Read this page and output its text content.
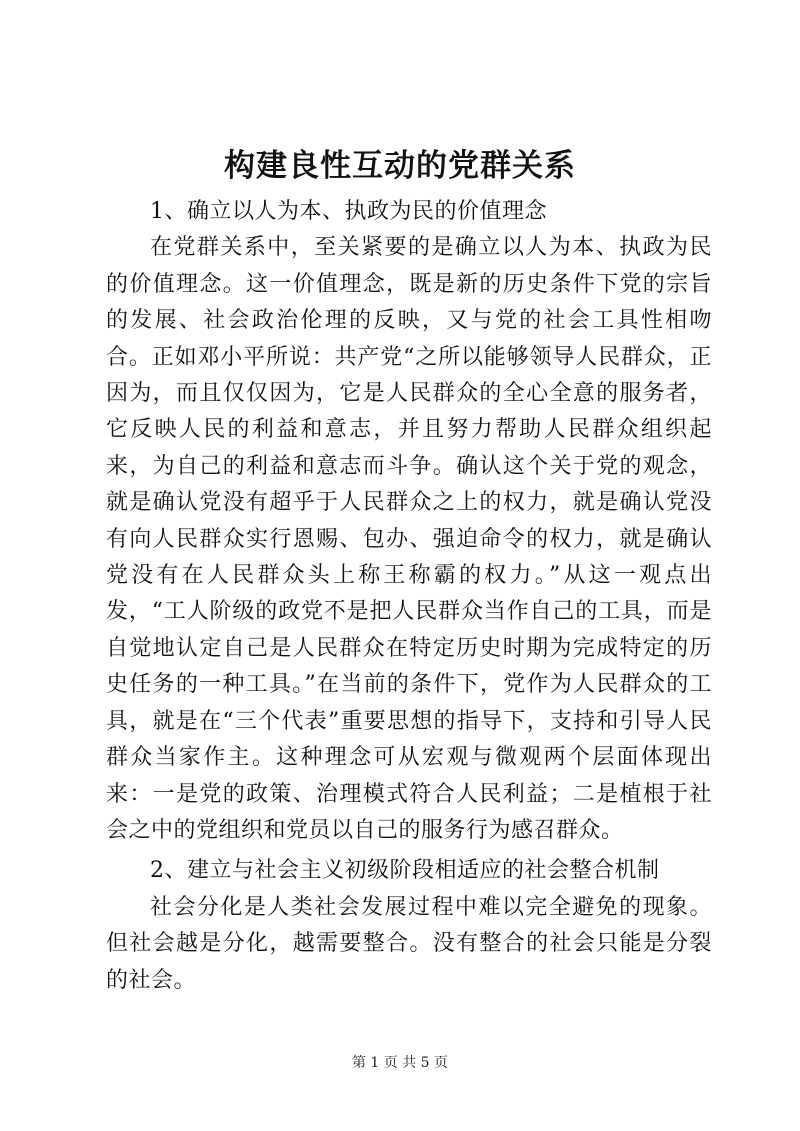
构建良性互动的党群关系

1、确立以人为本、执政为民的价值理念

在党群关系中，至关紧要的是确立以人为本、执政为民的价值理念。这一价值理念，既是新的历史条件下党的宗旨的发展、社会政治伦理的反映，又与党的社会工具性相吻合。正如邓小平所说：共产党“之所以能够领导人民群众，正因为，而且仅仅因为，它是人民群众的全心全意的服务者，它反映人民的利益和意志，并且努力帮助人民群众组织起来，为自己的利益和意志而斗争。确认这个关于党的观念，就是确认党没有超乎于人民群众之上的权力，就是确认党没有向人民群众实行恩赐、包办、强迫命令的权力，就是确认党没有在人民群众头上称王称霸的权力。”从这一观点出发，“工人阶级的政党不是把人民群众当作自己的工具，而是自觉地认定自己是人民群众在特定历史时期为完成特定的历史任务的一种工具。”在当前的条件下，党作为人民群众的工具，就是在“三个代表”重要思想的指导下，支持和引导人民群众当家作主。这种理念可从宏观与微观两个层面体现出来：一是党的政策、治理模式符合人民利益；二是植根于社会之中的党组织和党员以自己的服务行为感召群众。

2、建立与社会主义初级阶段相适应的社会整合机制

社会分化是人类社会发展过程中难以完全避免的现象。但社会越是分化，越需要整合。没有整合的社会只能是分裂的社会。

第 1 页 共 5 页
